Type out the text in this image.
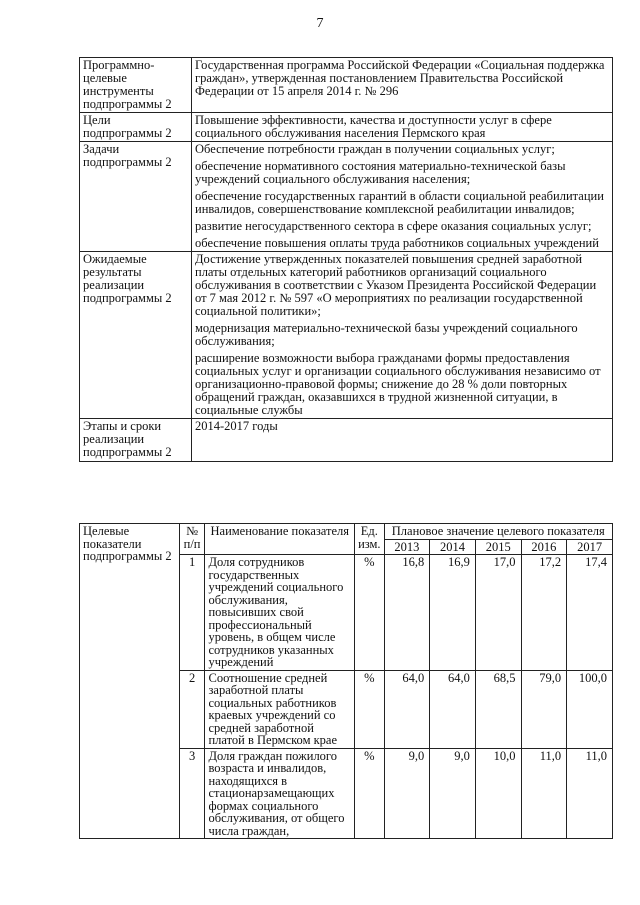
7
Программно-целевые инструменты подпрограммы 2	Государственная программа Российской Федерации «Социальная поддержка граждан», утвержденная постановлением Правительства Российской Федерации от 15 апреля 2014 г. № 296

Цели подпрограммы 2	Повышение эффективности, качества и доступности услуг в сфере социального обслуживания населения Пермского края

Задачи подпрограммы 2	Обеспечение потребности граждан в получении социальных услуг;
обеспечение нормативного состояния материально-технической базы учреждений социального обслуживания населения;
обеспечение государственных гарантий в области социальной реабилитации инвалидов, совершенствование комплексной реабилитации инвалидов;
развитие негосударственного сектора в сфере оказания социальных услуг;
обеспечение повышения оплаты труда работников социальных учреждений

Ожидаемые результаты реализации подпрограммы 2	Достижение утвержденных показателей повышения средней заработной платы отдельных категорий работников организаций социального обслуживания в соответствии с Указом Президента Российской Федерации от 7 мая 2012 г. № 597 «О мероприятиях по реализации государственной социальной политики»;
модернизация материально-технической базы учреждений социального обслуживания;
расширение возможности выбора гражданами формы предоставления социальных услуг и организации социального обслуживания независимо от организационно-правовой формы; снижение до 28 % доли повторных обращений граждан, оказавшихся в трудной жизненной ситуации, в социальные службы

Этапы и сроки реализации подпрограммы 2	2014-2017 годы
Целевые показатели подпрограммы 2	№ п/п	Наименование показателя	Ед. изм.	Плановое значение целевого показателя				
				2013	2014	2015	2016	2017
	1	Доля сотрудников государственных учреждений социального обслуживания, повысивших свой профессиональный уровень, в общем числе сотрудников указанных учреждений	%	16,8	16,9	17,0	17,2	17,4
	2	Соотношение средней заработной платы социальных работников краевых учреждений со средней заработной платой в Пермском крае	%	64,0	64,0	68,5	79,0	100,0
	3	Доля граждан пожилого возраста и инвалидов, находящихся в стационарзамещающих формах социального обслуживания, от общего числа граждан,	%	9,0	9,0	10,0	11,0	11,0
